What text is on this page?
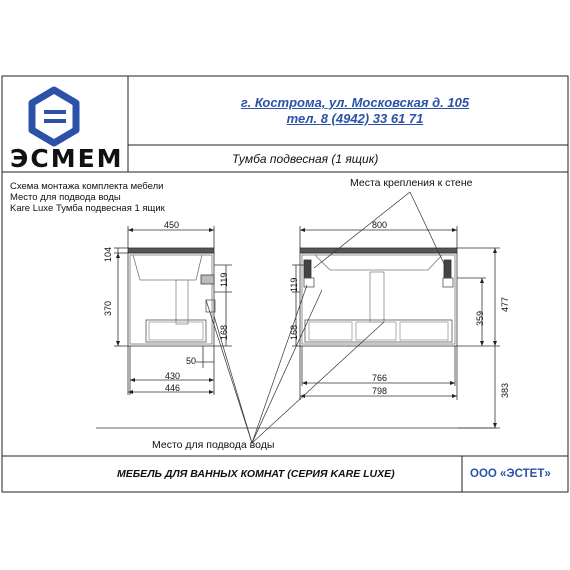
г. Кострома, ул. Московская д. 105
тел. 8 (4942) 33 61 71
ЭСМЕМ	Тумба подвесная (1 ящик)
Схема монтажа комплекта мебели
Место для подвода воды
Kare Luxe Тумба подвесная 1 ящик
Места крепления к стене
Место для подвода воды
450
104
370
119
168
50
430
446
800
119
168
766
798
477
359
383
МЕБЕЛЬ ДЛЯ ВАННЫХ КОМНАТ (СЕРИЯ KARE LUXE)	ООО «ЭСТЕТ»
